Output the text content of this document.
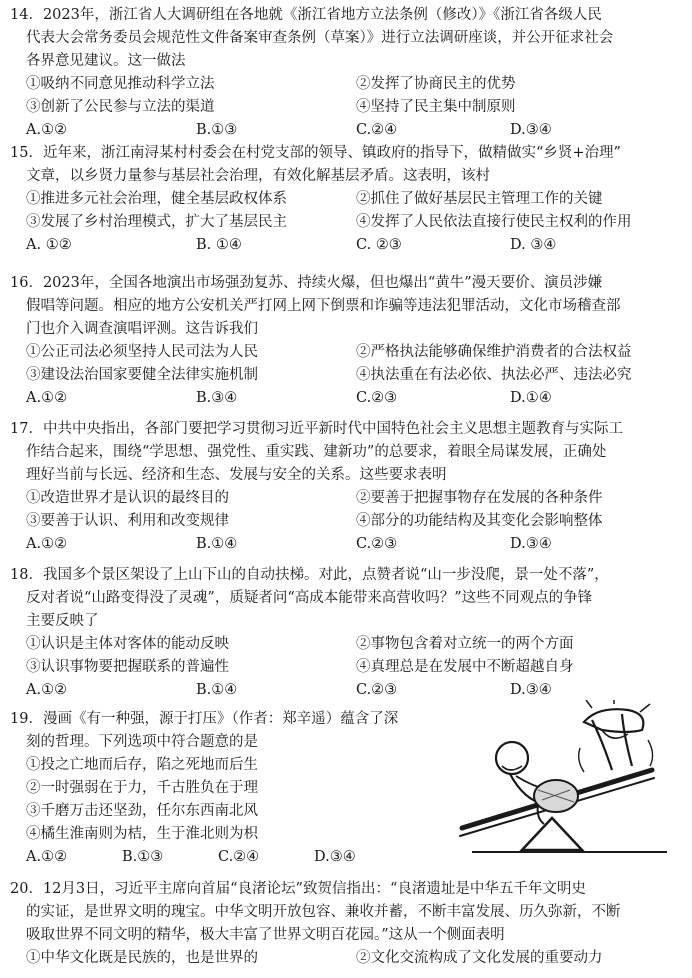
14．2023年，浙江省人大调研组在各地就《浙江省地方立法条例（修改）》《浙江省各级人民
代表大会常务委员会规范性文件备案审查条例（草案）》进行立法调研座谈，并公开征求社会
各界意见建议。这一做法
①吸纳不同意见推动科学立法	②发挥了协商民主的优势
③创新了公民参与立法的渠道	④坚持了民主集中制原则
A.①②	B.①③	C.②④	D.③④
15．近年来，浙江南浔某村村委会在村党支部的领导、镇政府的指导下，做精做实“乡贤+治理”
文章，以乡贤力量参与基层社会治理，有效化解基层矛盾。这表明，该村
①推进多元社会治理，健全基层政权体系	②抓住了做好基层民主管理工作的关键
③发展了乡村治理模式，扩大了基层民主	④发挥了人民依法直接行使民主权利的作用
A. ①②	B. ①④	C. ②③	D. ③④
16．2023年，全国各地演出市场强劲复苏、持续火爆，但也爆出“黄牛”漫天要价、演员涉嫌
假唱等问题。相应的地方公安机关严打网上网下倒票和诈骗等违法犯罪活动，文化市场稽查部
门也介入调查演唱评测。这告诉我们
①公正司法必须坚持人民司法为人民	②严格执法能够确保维护消费者的合法权益
③建设法治国家要健全法律实施机制	④执法重在有法必依、执法必严、违法必究
A.①②	B.③④	C.②③	D.①④
17．中共中央指出，各部门要把学习贯彻习近平新时代中国特色社会主义思想主题教育与实际工
作结合起来，围绕“学思想、强党性、重实践、建新功”的总要求，着眼全局谋发展，正确处
理好当前与长远、经济和生态、发展与安全的关系。这些要求表明
①改造世界才是认识的最终目的	②要善于把握事物存在发展的各种条件
③要善于认识、利用和改变规律	④部分的功能结构及其变化会影响整体
A.①②	B.①④	C.②③	D.③④
18．我国多个景区架设了上山下山的自动扶梯。对此，点赞者说“山一步没爬，景一处不落”，
反对者说“山路变得没了灵魂”，质疑者问“高成本能带来高营收吗？”这些不同观点的争锋
主要反映了
①认识是主体对客体的能动反映	②事物包含着对立统一的两个方面
③认识事物要把握联系的普遍性	④真理总是在发展中不断超越自身
A.①②	B.①④	C.②③	D.③④
19．漫画《有一种强，源于打压》（作者：郑辛遥）蕴含了深
刻的哲理。下列选项中符合题意的是
①投之亡地而后存，陷之死地而后生
②一时强弱在于力，千古胜负在于理
③千磨万击还坚劲，任尔东西南北风
④橘生淮南则为桔，生于淮北则为枳
A.①②	B.①③	C.②④	D.③④
20．12月3日，习近平主席向首届“良渚论坛”致贺信指出：“良渚遗址是中华五千年文明史
的实证，是世界文明的瑰宝。中华文明开放包容、兼收并蓄，不断丰富发展、历久弥新，不断
吸取世界不同文明的精华，极大丰富了世界文明百花园。”这从一个侧面表明
①中华文化既是民族的，也是世界的	②文化交流构成了文化发展的重要动力
